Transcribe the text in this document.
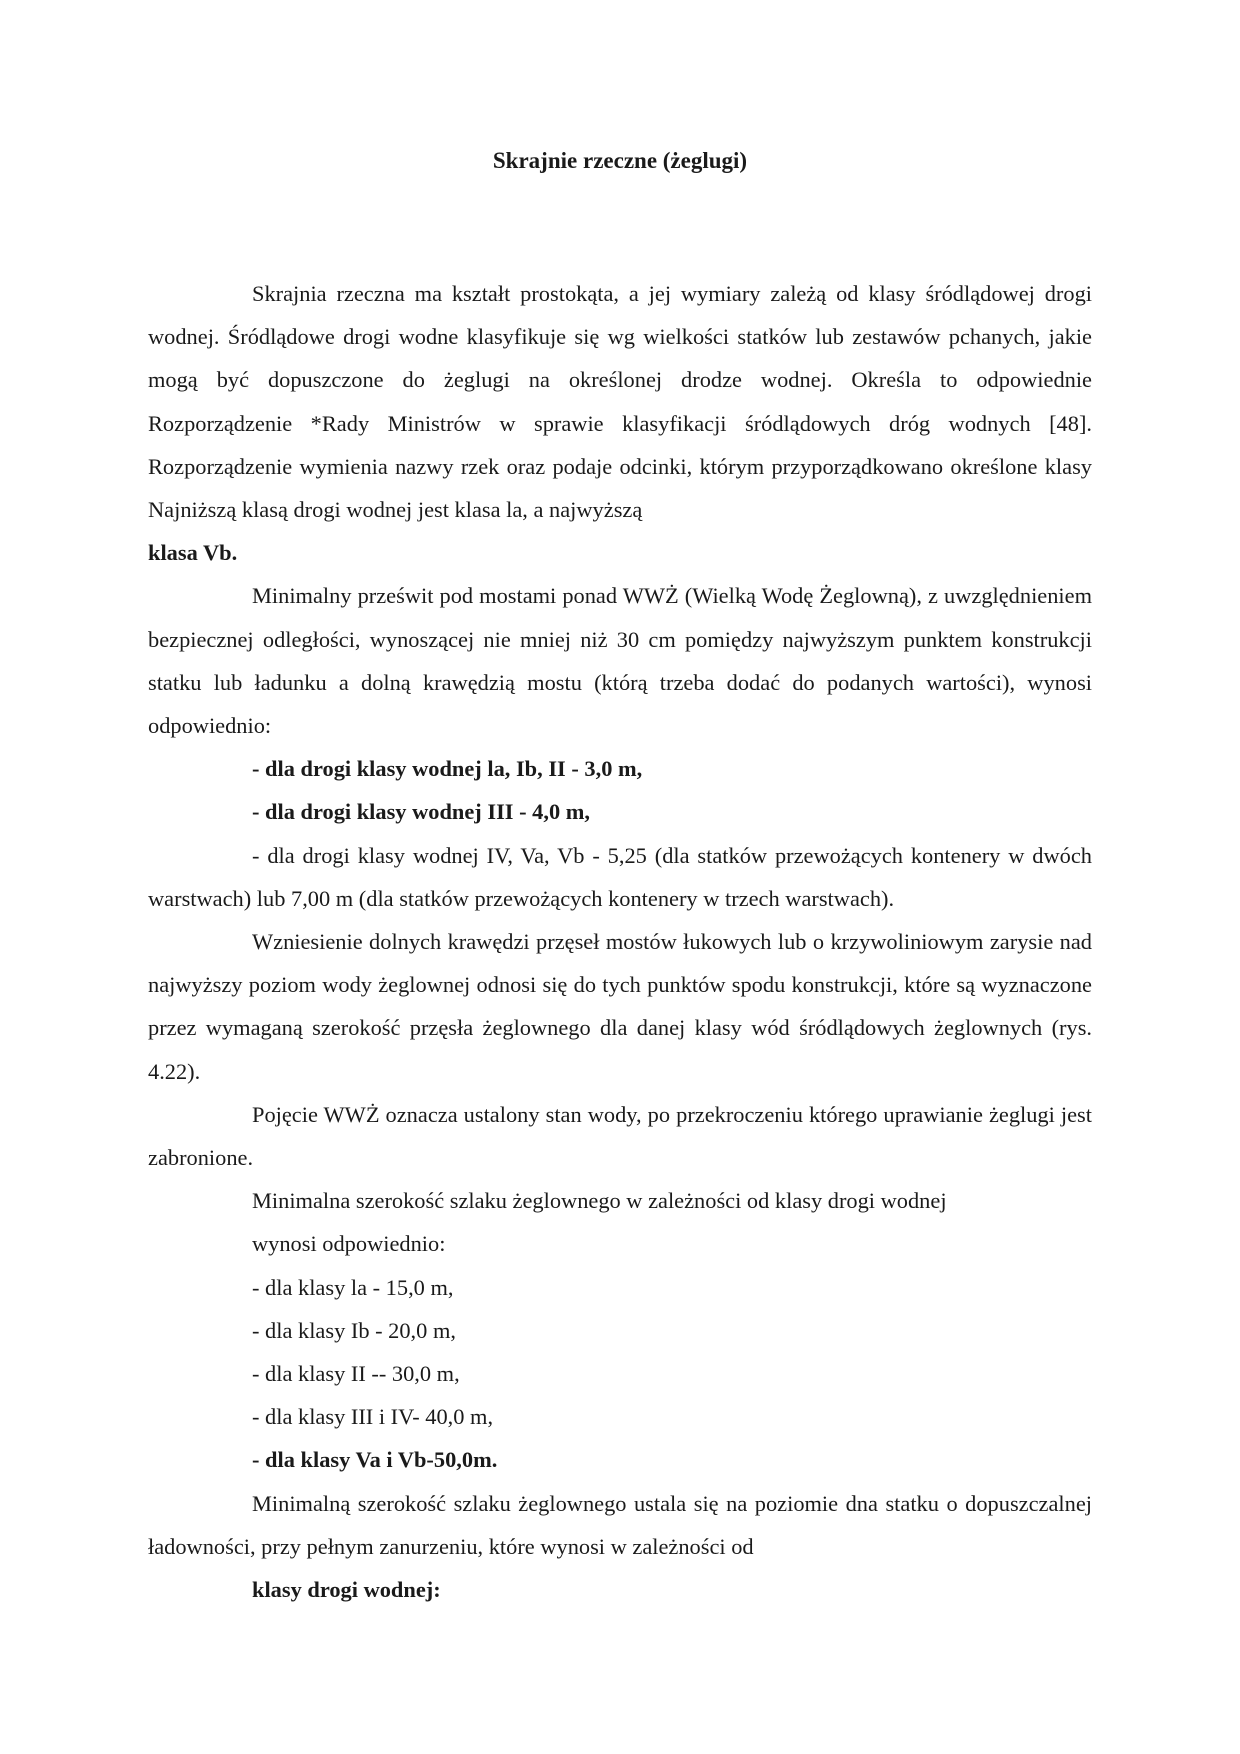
Skrajnie rzeczne (żeglugi)

Skrajnia rzeczna ma kształt prostokąta, a jej wymiary zależą od klasy śródlądowej drogi wodnej. Śródlądowe drogi wodne klasyfikuje się wg wielkości statków lub zestawów pchanych, jakie mogą być dopuszczone do żeglugi na określonej drodze wodnej. Określa to odpowiednie Rozporządzenie *Rady Ministrów w sprawie klasyfikacji śródlądowych dróg wodnych [48]. Rozporządzenie wymienia nazwy rzek oraz podaje odcinki, którym przyporządkowano określone klasy Najniższą klasą drogi wodnej jest klasa la, a najwyższą

klasa Vb.

Minimalny prześwit pod mostami ponad WWŻ (Wielką Wodę Żeglowną), z uwzględnieniem bezpiecznej odległości, wynoszącej nie mniej niż 30 cm pomiędzy najwyższym punktem konstrukcji statku lub ładunku a dolną krawędzią mostu (którą trzeba dodać do podanych wartości), wynosi odpowiednio:

- dla drogi klasy wodnej la, Ib, II - 3,0 m,

- dla drogi klasy wodnej III - 4,0 m,

- dla drogi klasy wodnej IV, Va, Vb - 5,25 (dla statków przewożących kontenery w dwóch warstwach) lub 7,00 m (dla statków przewożących kontenery w trzech warstwach).

Wzniesienie dolnych krawędzi przęseł mostów łukowych lub o krzywoliniowym zarysie nad najwyższy poziom wody żeglownej odnosi się do tych punktów spodu konstrukcji, które są wyznaczone przez wymaganą szerokość przęsła żeglownego dla danej klasy wód śródlądowych żeglownych (rys. 4.22).

Pojęcie WWŻ oznacza ustalony stan wody, po przekroczeniu którego uprawianie żeglugi jest zabronione.

Minimalna szerokość szlaku żeglownego w zależności od klasy drogi wodnej

wynosi odpowiednio:

- dla klasy la - 15,0 m,

- dla klasy Ib - 20,0 m,

- dla klasy II -- 30,0 m,

- dla klasy III i IV- 40,0 m,

- dla klasy Va i Vb-50,0m.

Minimalną szerokość szlaku żeglownego ustala się na poziomie dna statku o dopuszczalnej ładowności, przy pełnym zanurzeniu, które wynosi w zależności od

klasy drogi wodnej:
